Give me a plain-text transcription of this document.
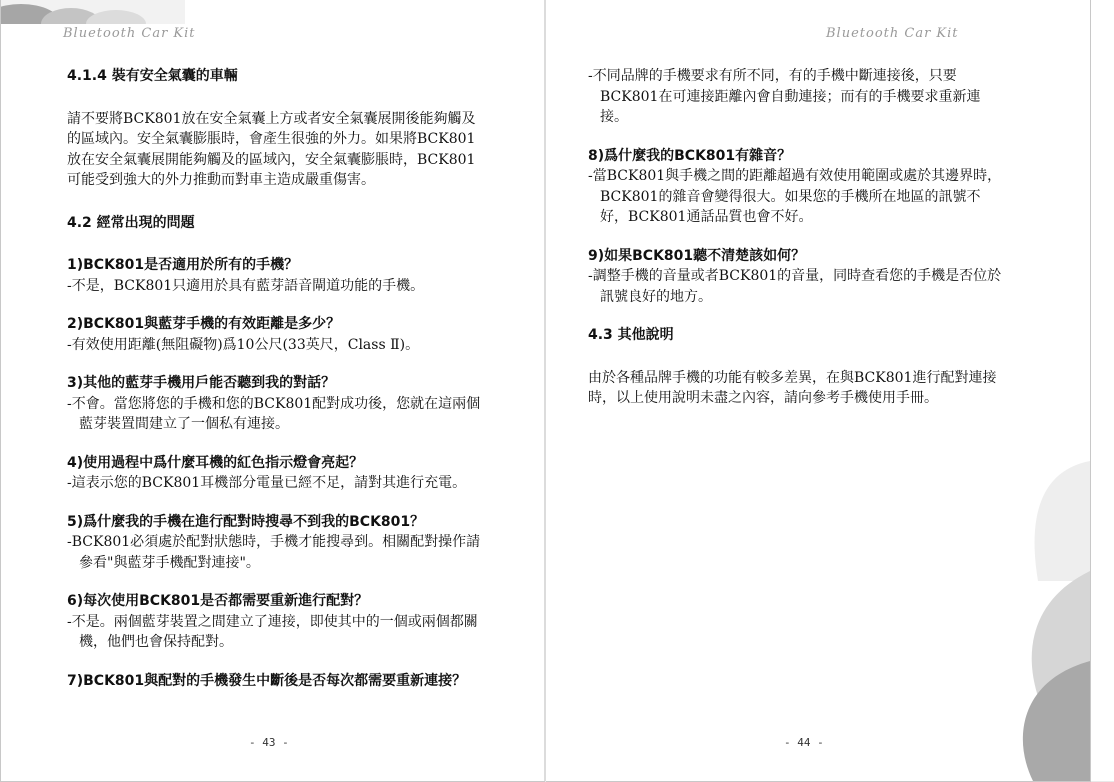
Bluetooth Car Kit

4.1.4 裝有安全氣囊的車輛

請不要將BCK801放在安全氣囊上方或者安全氣囊展開後能夠觸及的區域內。安全氣囊膨脹時，會產生很強的外力。如果將BCK801放在安全氣囊展開能夠觸及的區域內，安全氣囊膨脹時，BCK801可能受到強大的外力推動而對車主造成嚴重傷害。

4.2 經常出現的問題

1)BCK801是否適用於所有的手機？

-不是，BCK801只適用於具有藍芽語音閘道功能的手機。

2)BCK801與藍芽手機的有效距離是多少？

-有效使用距離(無阻礙物)爲10公尺(33英尺，Class Ⅱ)。

3)其他的藍芽手機用戶能否聽到我的對話？

-不會。當您將您的手機和您的BCK801配對成功後，您就在這兩個藍芽裝置間建立了一個私有連接。

4)使用過程中爲什麼耳機的紅色指示燈會亮起？

-這表示您的BCK801耳機部分電量已經不足，請對其進行充電。

5)爲什麼我的手機在進行配對時搜尋不到我的BCK801？

-BCK801必須處於配對狀態時，手機才能搜尋到。相關配對操作請參看"與藍芽手機配對連接"。

6)每次使用BCK801是否都需要重新進行配對？

-不是。兩個藍芽裝置之間建立了連接，即使其中的一個或兩個都關機，他們也會保持配對。

7)BCK801與配對的手機發生中斷後是否每次都需要重新連接？

- 43 -
Bluetooth Car Kit

-不同品牌的手機要求有所不同，有的手機中斷連接後，只要BCK801在可連接距離內會自動連接；而有的手機要求重新連接。

8)爲什麼我的BCK801有雜音？

-當BCK801與手機之間的距離超過有效使用範圍或處於其邊界時，BCK801的雜音會變得很大。如果您的手機所在地區的訊號不好，BCK801通話品質也會不好。

9)如果BCK801聽不清楚該如何？

-調整手機的音量或者BCK801的音量，同時查看您的手機是否位於訊號良好的地方。

4.3 其他說明

由於各種品牌手機的功能有較多差異，在與BCK801進行配對連接時，以上使用說明未盡之內容，請向參考手機使用手冊。

- 44 -
